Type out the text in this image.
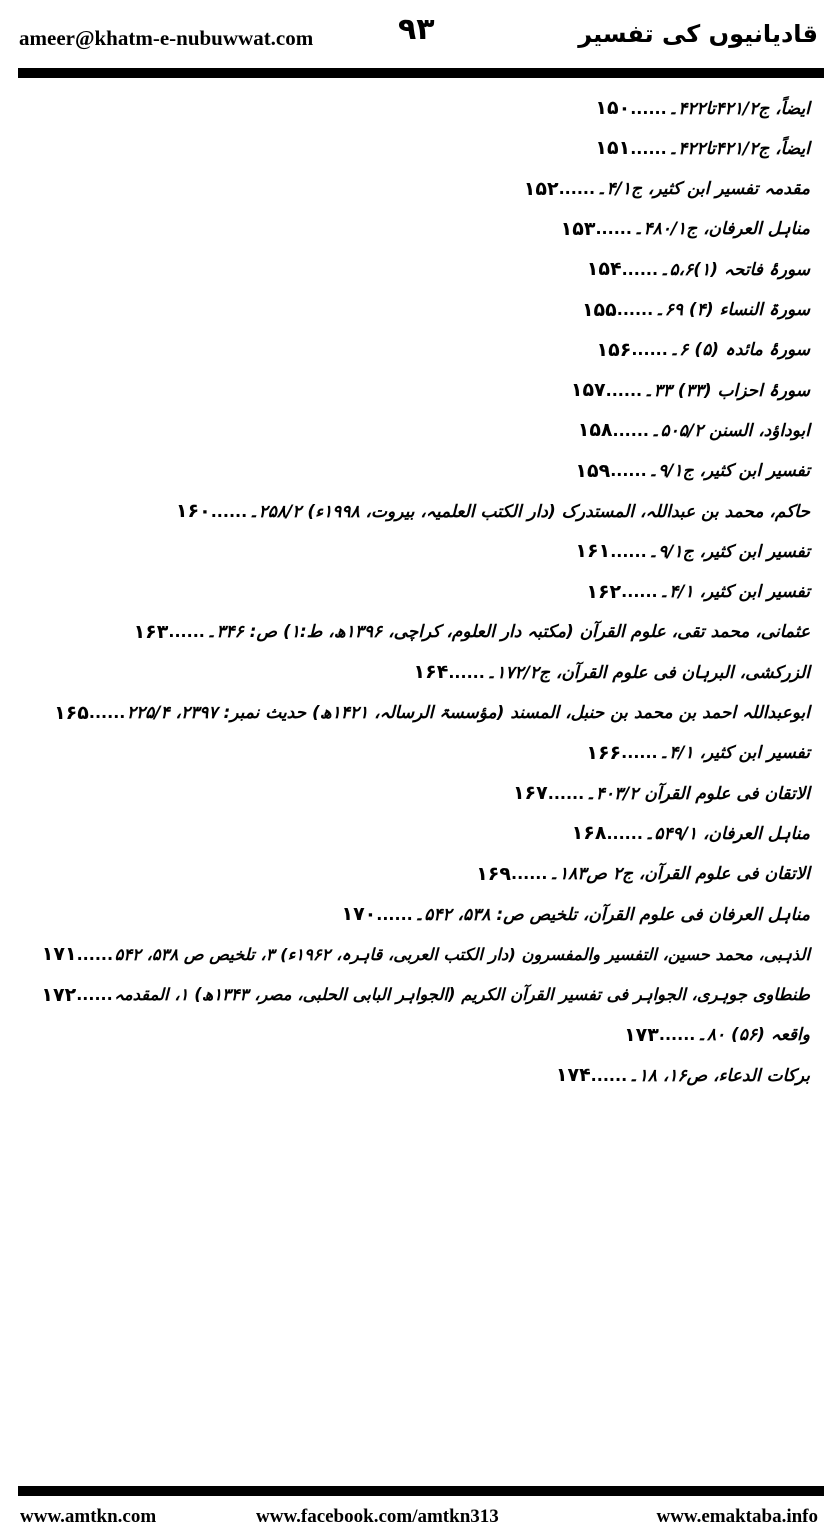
ameer@khatm-e-nubuwwat.com	۹۳	قادیانیوں کی تفسیر
۱۵۰ ...... ایضاً، ج۴۲۱/۲تا۴۲۲۔
۱۵۱ ...... ایضاً، ج۴۲۱/۲تا۴۲۲۔
۱۵۲ ...... مقدمہ تفسیر ابن کثیر، ج۴/۱۔
۱۵۳ ...... مناہل العرفان، ج۴۸۰/۱۔
۱۵۴ ...... سورۂ فاتحہ (۱)۵،۶۔
۱۵۵ ...... سورۃ النساء (۴) ۶۹۔
۱۵۶ ...... سورۂ مائدہ (۵) ۶۔
۱۵۷ ...... سورۂ احزاب (۳۳) ۳۳۔
۱۵۸ ...... ابوداؤد، السنن ۵۰۵/۲۔
۱۵۹ ...... تفسیر ابن کثیر، ج۹/۱۔
۱۶۰ ...... حاکم، محمد بن عبداللہ، المستدرک (دار الکتب العلمیہ، بیروت، ۱۹۹۸ء) ۲۵۸/۲۔
۱۶۱ ...... تفسیر ابن کثیر، ج۹/۱۔
۱۶۲ ...... تفسیر ابن کثیر، ۴/۱۔
۱۶۳ ...... عثمانی، محمد تقی، علوم القرآن (مکتبہ دار العلوم، کراچی، ۱۳۹۶ھ، ط:۱) ص: ۳۴۶۔
۱۶۴ ...... الزرکشی، البرہان فی علوم القرآن، ج۱۷۲/۲۔
۱۶۵ ...... ابوعبداللہ احمد بن محمد بن حنبل، المسند (مؤسسۃ الرسالہ، ۱۴۲۱ھ) حدیث نمبر: ۲۳۹۷، ۲۲۵/۴
۱۶۶ ...... تفسیر ابن کثیر، ۴/۱۔
۱۶۷ ...... الاتقان فی علوم القرآن ۴۰۳/۲۔
۱۶۸ ...... مناہل العرفان، ۵۴۹/۱۔
۱۶۹ ...... الاتقان فی علوم القرآن، ج۲ ص۱۸۳۔
۱۷۰ ...... مناہل العرفان فی علوم القرآن، تلخیص ص: ۵۳۸، ۵۴۲۔
۱۷۱ ...... الذہبی، محمد حسین، التفسیر والمفسرون (دار الکتب العربی، قاہرہ، ۱۹۶۲ء) ۳، تلخیص ص ۵۳۸، ۵۴۲
۱۷۲ ...... طنطاوی جوہری، الجواہر فی تفسیر القرآن الکریم (الجواہر البابی الحلبی، مصر، ۱۳۴۳ھ) ۱، المقدمہ
۱۷۳ ...... واقعہ (۵۶) ۸۰۔
۱۷۴ ...... برکات الدعاء، ص۱۶، ۱۸۔
www.amtkn.com	www.facebook.com/amtkn313	www.emaktaba.info
